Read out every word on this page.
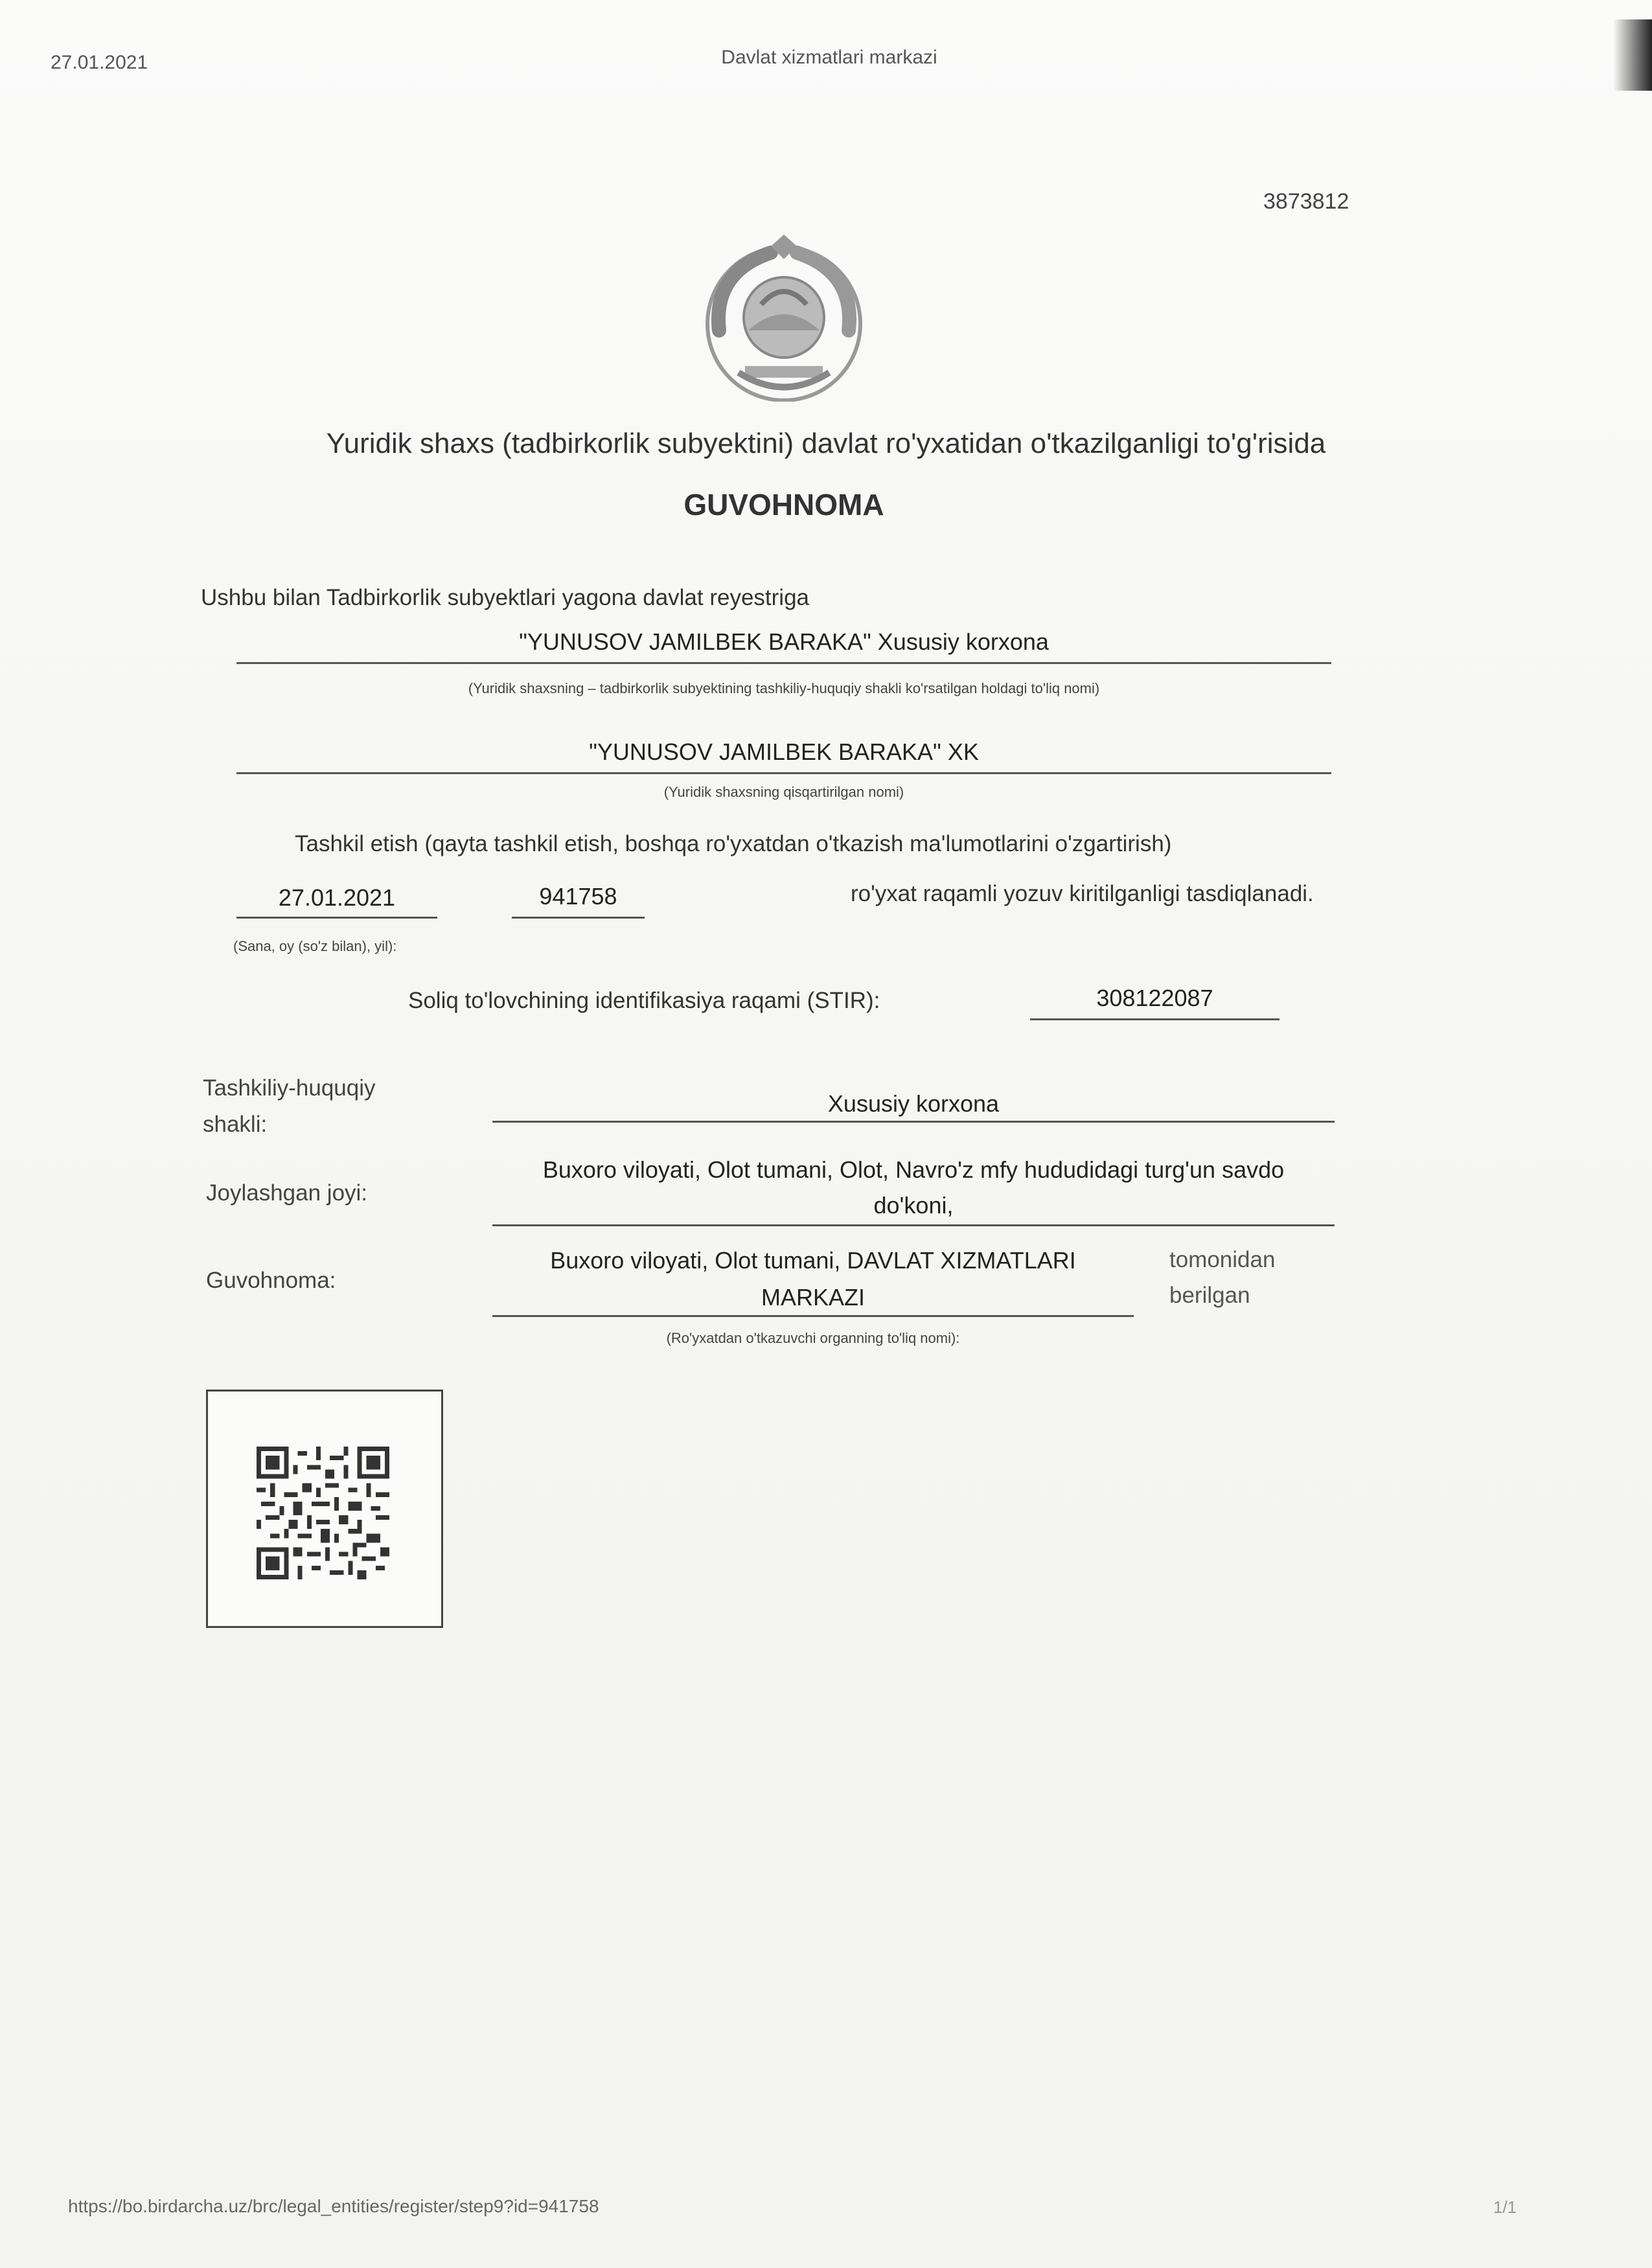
27.01.2021	Davlat xizmatlari markazi
3873812
Yuridik shaxs (tadbirkorlik subyektini) davlat ro'yxatidan o'tkazilganligi to'g'risida
GUVOHNOMA
Ushbu bilan Tadbirkorlik subyektlari yagona davlat reyestriga
"YUNUSOV JAMILBEK BARAKA" Xususiy korxona
(Yuridik shaxsning – tadbirkorlik subyektining tashkiliy-huquqiy shakli ko'rsatilgan holdagi to'liq nomi)
"YUNUSOV JAMILBEK BARAKA" XK
(Yuridik shaxsning qisqartirilgan nomi)
Tashkil etish (qayta tashkil etish, boshqa ro'yxatdan o'tkazish ma'lumotlarini o'zgartirish)
27.01.2021	941758	ro'yxat raqamli yozuv kiritilganligi tasdiqlanadi.
(Sana, oy (so'z bilan), yil):
Soliq to'lovchining identifikasiya raqami (STIR):	308122087
Tashkiliy-huquqiy
shakli:
Xususiy korxona
Joylashgan joyi:
Buxoro viloyati, Olot tumani, Olot, Navro'z mfy hududidagi turg'un savdo
do'koni,
Guvohnoma:
Buxoro viloyati, Olot tumani, DAVLAT XIZMATLARI
MARKAZI
tomonidan
berilgan
(Ro'yxatdan o'tkazuvchi organning to'liq nomi):
https://bo.birdarcha.uz/brc/legal_entities/register/step9?id=941758	1/1
